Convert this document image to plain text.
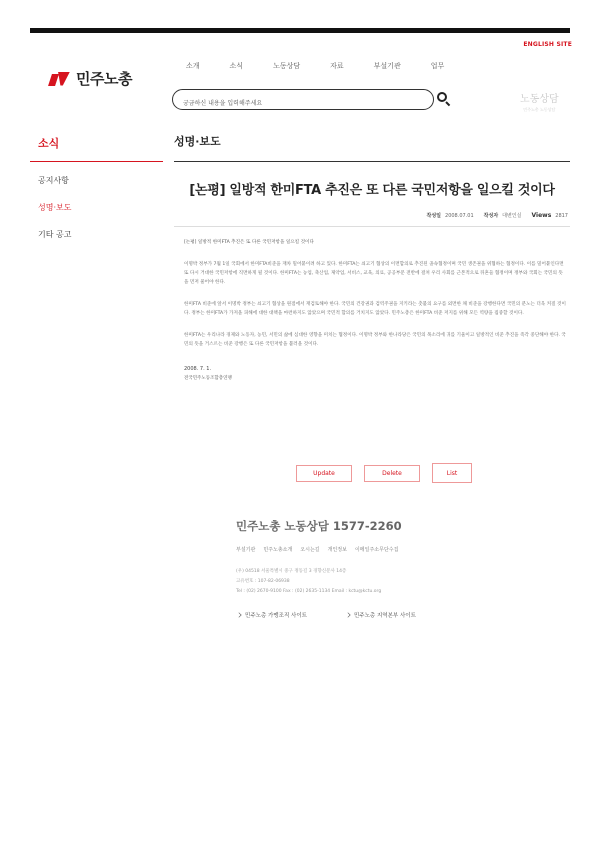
ENGLISH SITE
민주노총
소개	소식	노동상담	자료	부설기관	업무
궁금하신 내용을 입력해주세요
노동상담
민주노총 노동상담
소식
공지사항
성명·보도
기타 공고
성명·보도
[논평] 일방적 한미FTA 추진은 또 다른 국민저항을 일으킬 것이다
작성일 2008.07.01 작성자 대변인실 Views 2817

[논평] 일방적 한미FTA 추진은 또 다른 국민저항을 일으킬 것이다

이명박 정부가 7월 1일 국회에서 한미FTA비준을 재차 밀어붙이려 하고 있다. 한미FTA는 쇠고기 협상의 이면합의로 추진된 졸속협정이며 국민 생존권을 위협하는 협정이다. 이를 밀어붙인다면 또 다시 거대한 국민저항에 직면하게 될 것이다. 한미FTA는 농업, 축산업, 제약업, 서비스, 교육, 의료, 공공부문 전반에 걸쳐 우리 사회를 근본적으로 뒤흔들 협정이며 정부와 국회는 국민의 뜻을 먼저 물어야 한다.

한미FTA 비준에 앞서 이명박 정부는 쇠고기 협상을 원점에서 재검토해야 한다. 국민의 건강권과 검역주권을 지키라는 촛불의 요구를 외면한 채 비준을 강행한다면 국민의 분노는 더욱 커질 것이다. 정부는 한미FTA가 가져올 피해에 대한 대책을 마련하지도 않았으며 국민적 합의를 거치지도 않았다. 민주노총은 한미FTA 비준 저지를 위해 모든 역량을 집중할 것이다.

한미FTA는 우리나라 경제와 노동자, 농민, 서민의 삶에 심대한 영향을 미치는 협정이다. 이명박 정부와 한나라당은 국민의 목소리에 귀를 기울이고 일방적인 비준 추진을 즉각 중단해야 한다. 국민의 뜻을 거스르는 비준 강행은 또 다른 국민저항을 불러올 것이다.

2008. 7. 1.
전국민주노동조합총연맹
Update	Delete	List
민주노총 노동상담 1577-2260
부설기관 민주노총소개 오시는길 개인정보 이메일주소무단수집
(우) 04518 서울특별시 중구 정동길 3 경향신문사 14층
고유번호 : 107-82-06938
Tel : (02) 2670-9100 Fax : (02) 2635-1134 Email : kctu@kctu.org
민주노총 가맹조직 사이트	민주노총 지역본부 사이트
